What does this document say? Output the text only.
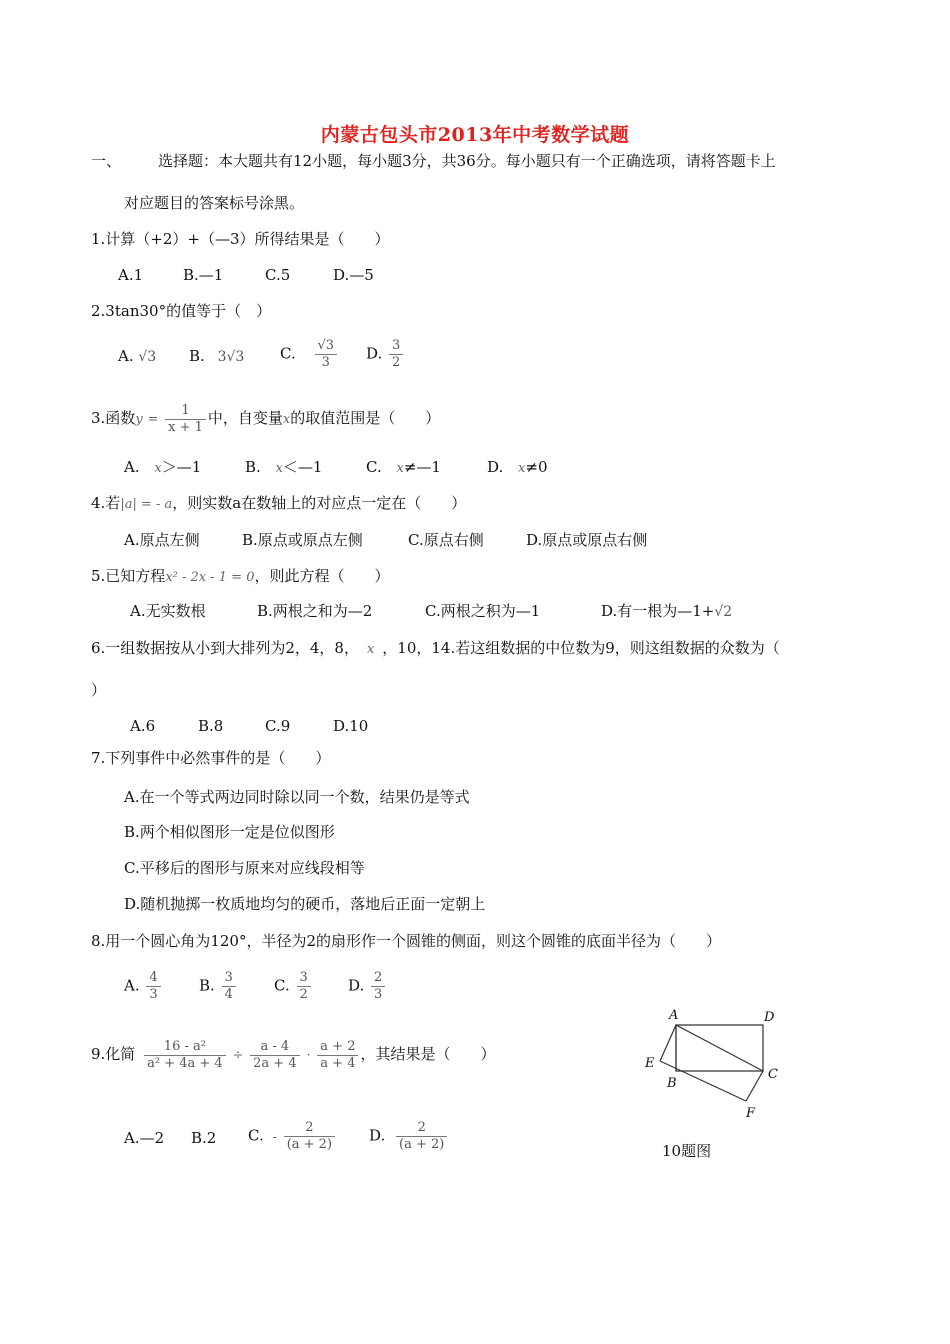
内蒙古包头市2013年中考数学试题
一、 选择题：本大题共有12小题，每小题3分，共36分。每小题只有一个正确选项，请将答题卡上
对应题目的答案标号涂黑。
1.计算（+2）+（—3）所得结果是（　　）
A.1	B.—1	C.5	D.—5
2.3tan30°的值等于（　）
A. √3 B. 3√3 C. $\frac{√3}{3} D$. $\frac{3}{2}$
3.函数$y = \frac{1}{x + 1}$ 中，自变量x的取值范围是（　　）
A. x＞—1	B. x＜—1	C. x≠—1	D. x≠0
4.若|a| = - a，则实数a在数轴上的对应点一定在（　　）
A.原点左侧	B.原点或原点左侧	C.原点右侧	D.原点或原点右侧
5.已知方程x² - 2x - 1 = 0，则此方程（　　）
A.无实数根	B.两根之和为—2	C.两根之积为—1	D.有一根为—1+√2
6.一组数据按从小到大排列为2，4，8， x ，10，14.若这组数据的中位数为9，则这组数据的众数为（
）
A.6	B.8	C.9	D.10
7.下列事件中必然事件的是（　　）
A.在一个等式两边同时除以同一个数，结果仍是等式
B.两个相似图形一定是位似图形
C.平移后的图形与原来对应线段相等
D.随机抛掷一枚质地均匀的硬币，落地后正面一定朝上
8.用一个圆心角为120°，半径为2的扇形作一个圆锥的侧面，则这个圆锥的底面半径为（　　）
A. $\frac{4}{3}$	B. $\frac{3}{4}$	C. $\frac{3}{2} D$. $\frac{2}{3}$
9.化简 $\frac{\text{16 - a²}}{\text{a² + 4a + 4}} \div \frac{a - 4}{2a + 4} \cdot \frac{a + 2}{a + 4}$ ，其结果是（　　）
A.—2 B.2 C. - $\frac{2}{(a + 2)} D$. $\frac{2}{(a + 2)}$
A	D
E
B
C
F
10题图
